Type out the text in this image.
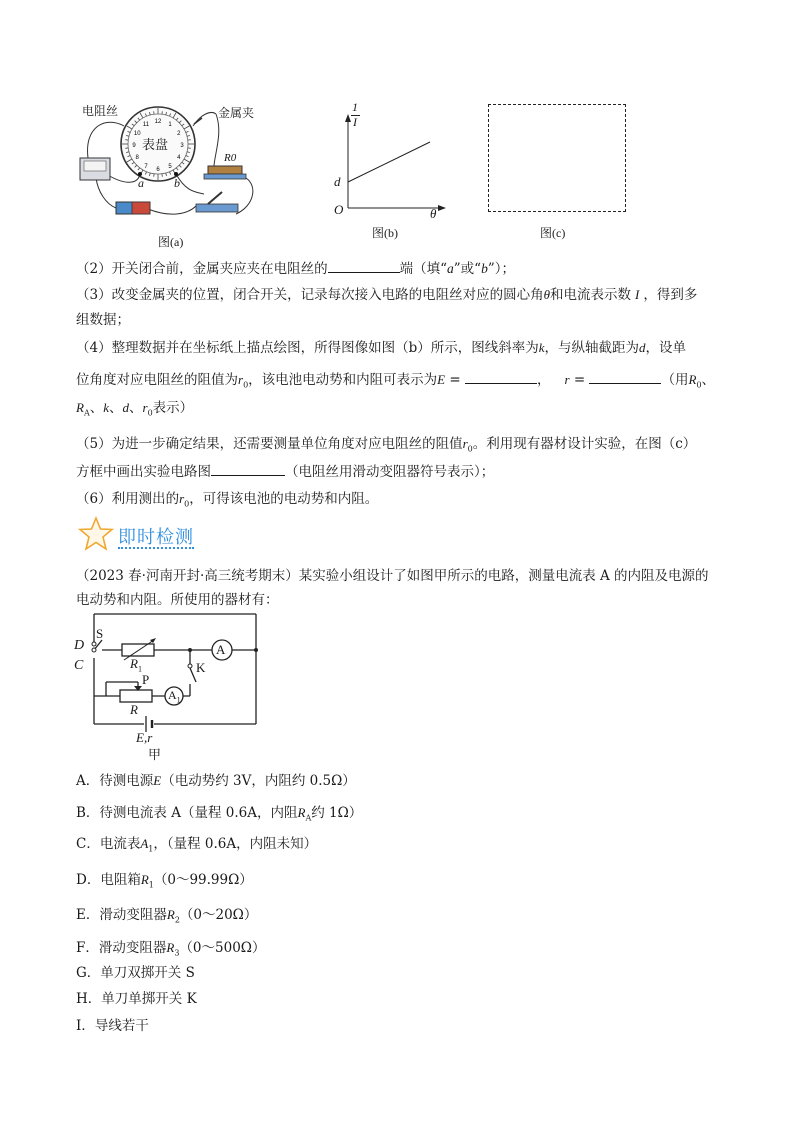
12
1
2
3
4
5
6
7
8
9
10
11
电阻丝	金属夹
表盘
a	b
R0
图(a)
1
I
d
O	θ
图(b)	图(c)
（2）开关闭合前，金属夹应夹在电阻丝的	端（填“a”或“b”）；
（3）改变金属夹的位置，闭合开关，记录每次接入电路的电阻丝对应的圆心角θ和电流表示数 I ，得到多
组数据；
（4）整理数据并在坐标纸上描点绘图，所得图像如图（b）所示，图线斜率为k，与纵轴截距为d，设单
位角度对应电阻丝的阻值为$r_0$，该电池电动势和内阻可表示为E =	， r =	（用$R_0$、
$R_A$、k、d、$r_0$表示）
（5）为进一步确定结果，还需要测量单位角度对应电阻丝的阻值$r_0$。利用现有器材设计实验，在图（c）
方框中画出实验电路图	（电阻丝用滑动变阻器符号表示）；
（6）利用测出的$r_0$，可得该电池的电动势和内阻。
即时检测
（2023 春·河南开封·高三统考期末）某实验小组设计了如图甲所示的电路，测量电流表 A 的内阻及电源的
电动势和内阻。所使用的器材有：
D
C
S
$R_1$
A
K
P
$A_1$
R
E,r
甲
A．待测电源E（电动势约 3V，内阻约 0.5Ω）
B．待测电流表 A（量程 0.6A，内阻$R_A$约 1Ω）
C．电流表$A_1$，（量程 0.6A，内阻未知）
D．电阻箱$R_1(0\sim 99.99\Omega)$
E．滑动变阻器$R_2(0\sim 20\Omega)$
F．滑动变阻器$R_3(0\sim 500\Omega)$
G．单刀双掷开关 S
H．单刀单掷开关 K
I．导线若干
